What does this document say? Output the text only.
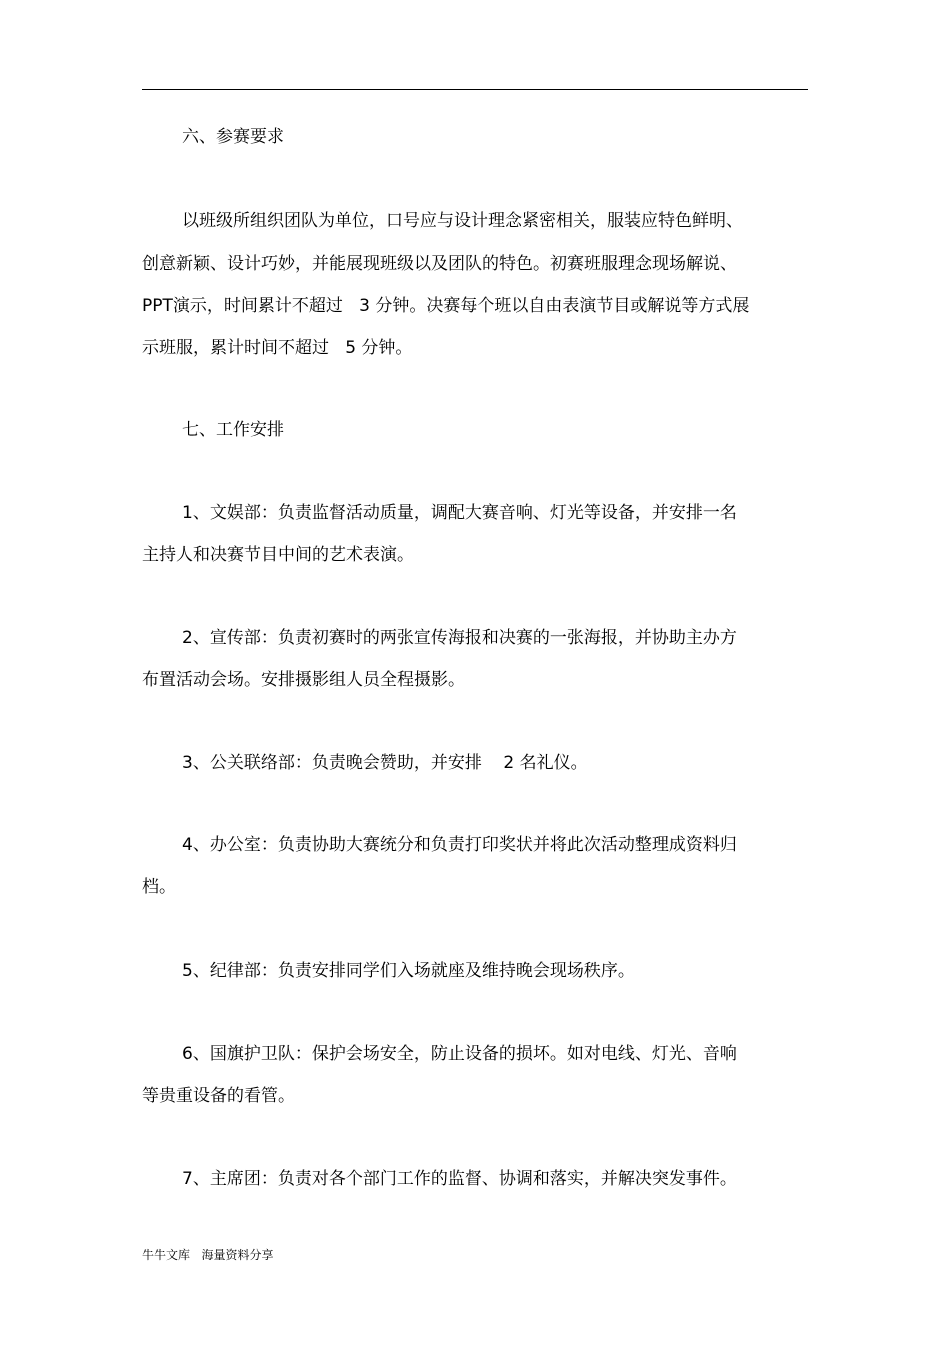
六、参赛要求
以班级所组织团队为单位，口号应与设计理念紧密相关，服装应特色鲜明、
创意新颖、设计巧妙，并能展现班级以及团队的特色。初赛班服理念现场解说、
PPT演示，时间累计不超过   3 分钟。决赛每个班以自由表演节目或解说等方式展
示班服，累计时间不超过   5 分钟。
七、工作安排
1、文娱部：负责监督活动质量，调配大赛音响、灯光等设备，并安排一名
主持人和决赛节目中间的艺术表演。
2、宣传部：负责初赛时的两张宣传海报和决赛的一张海报，并协助主办方
布置活动会场。安排摄影组人员全程摄影。
3、公关联络部：负责晚会赞助，并安排    2 名礼仪。
4、办公室：负责协助大赛统分和负责打印奖状并将此次活动整理成资料归
档。
5、纪律部：负责安排同学们入场就座及维持晚会现场秩序。
6、国旗护卫队：保护会场安全，防止设备的损坏。如对电线、灯光、音响
等贵重设备的看管。
7、主席团：负责对各个部门工作的监督、协调和落实，并解决突发事件。
牛牛文库   海量资料分享
